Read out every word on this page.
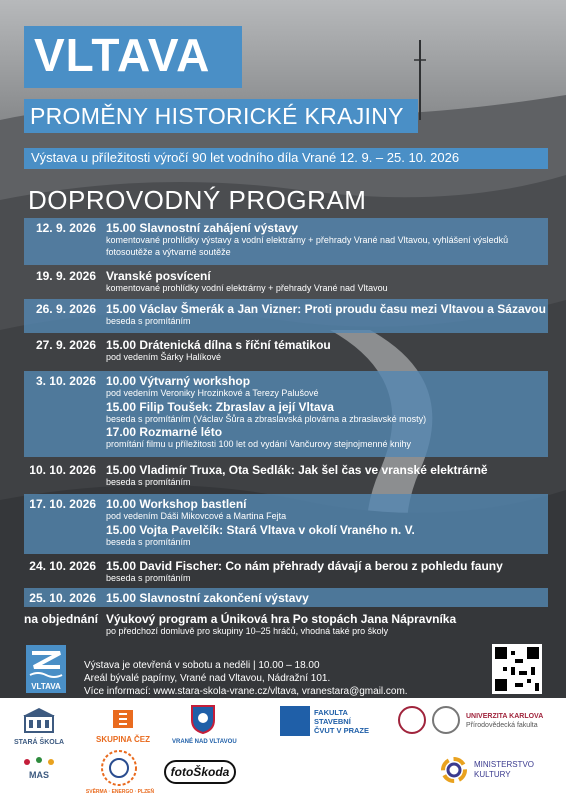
VLTAVA
PROMĚNY HISTORICKÉ KRAJINY
Výstava u příležitosti výročí 90 let vodního díla Vrané 12. 9. – 25. 10. 2026
DOPROVODNÝ PROGRAM
12. 9. 2026 15.00 Slavnostní zahájení výstavy
komentované prohlídky výstavy a vodní elektrárny + přehrady Vrané nad Vltavou, vyhlášení výsledků
fotosoutěže a výtvarné soutěže
19. 9. 2026 Vranské posvícení
komentované prohlídky vodní elektrárny + přehrady Vrané nad Vltavou
26. 9. 2026 15.00 Václav Šmerák a Jan Vizner: Proti proudu času mezi Vltavou a Sázavou
beseda s promítáním
27. 9. 2026 15.00 Drátenická dílna s říční tématikou
pod vedením Šárky Halíkové
3. 10. 2026 10.00 Výtvarný workshop
pod vedením Veroniky Hrozinkové a Terezy Palušové
15.00 Filip Toušek: Zbraslav a její Vltava
beseda s promítáním (Václav Šůra a zbraslavská plovárna a zbraslavské mosty)
17.00 Rozmarné léto
promítání filmu u příležitosti 100 let od vydání Vančurovy stejnojmenné knihy
10. 10. 2026 15.00 Vladimír Truxa, Ota Sedlák: Jak šel čas ve vranské elektrárně
beseda s promítáním
17. 10. 2026 10.00 Workshop bastlení
pod vedením Dáši Mikovcové a Martina Fejta
15.00 Vojta Pavelčík: Stará Vltava v okolí Vraného n. V.
beseda s promítáním
24. 10. 2026 15.00 David Fischer: Co nám přehrady dávají a berou z pohledu fauny
beseda s promítáním
25. 10. 2026 15.00 Slavnostní zakončení výstavy
na objednání Výukový program a Úniková hra Po stopách Jana Nápravníka
po předchozí domluvě pro skupiny 10–25 hráčů, vhodná také pro školy
VLTAVA
Výstava je otevřená v sobotu a neděli | 10.00 – 18.00
Areál bývalé papírny, Vrané nad Vltavou, Nádražní 101.
Více informací: www.stara-skola-vrane.cz/vltava, vranestara@gmail.com.
STARÁ ŠKOLA	SKUPINA ČEZ	VRANÉ NAD VLTAVOU
FAKULTA
STAVEBNÍ
ČVUT V PRAZE
UNIVERZITA KARLOVA
Přírodovědecká fakulta
MAS
SVĚRMA · ENERGO · PLZEŇ
fotoŠkoda
MINISTERSTVO
KULTURY
